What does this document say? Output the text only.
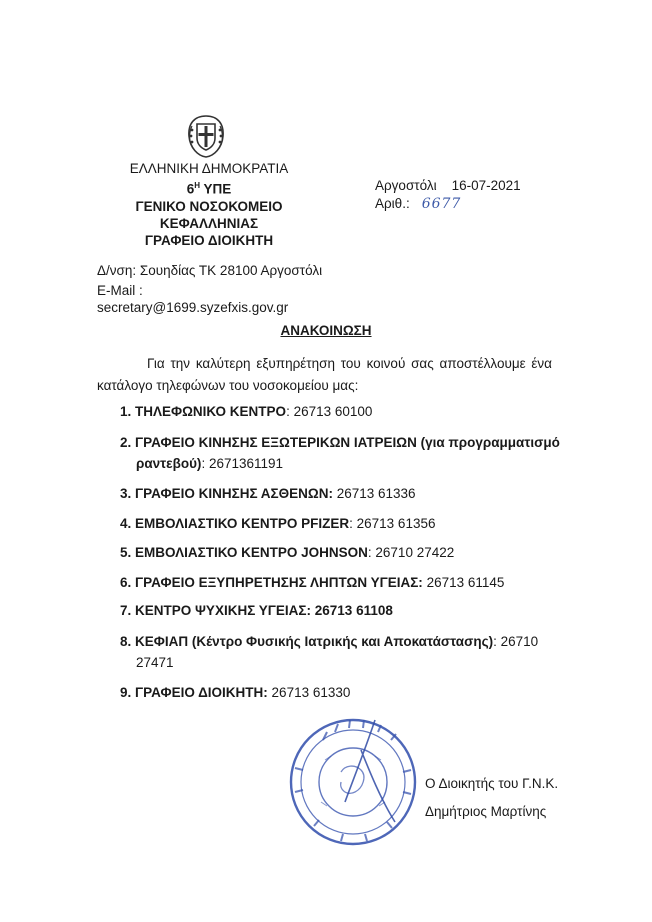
ΕΛΛΗΝΙΚΗ ΔΗΜΟΚΡΑΤΙΑ
$6^H$ ΥΠΕ
ΓΕΝΙΚΟ ΝΟΣΟΚΟΜΕΙΟ
ΚΕΦΑΛΛΗΝΙΑΣ
ΓΡΑΦΕΙΟ ΔΙΟΙΚΗΤΗ
Αργοστόλι 16-07-2021
Αριθ.: 6677
Δ/νση: Σουηδίας ΤΚ 28100 Αργοστόλι
E-Mail :
secretary@1699.syzefxis.gov.gr
ΑΝΑΚΟΙΝΩΣΗ
Για την καλύτερη εξυπηρέτηση του κοινού σας αποστέλλουμε ένα κατάλογο τηλεφώνων του νοσοκομείου μας:
1. ΤΗΛΕΦΩΝΙΚΟ ΚΕΝΤΡΟ: 26713 60100
2. ΓΡΑΦΕΙΟ ΚΙΝΗΣΗΣ ΕΞΩΤΕΡΙΚΩΝ ΙΑΤΡΕΙΩΝ (για προγραμματισμό
ραντεβού): 2671361191
3. ΓΡΑΦΕΙΟ ΚΙΝΗΣΗΣ ΑΣΘΕΝΩΝ: 26713 61336
4. ΕΜΒΟΛΙΑΣΤΙΚΟ ΚΕΝΤΡΟ PFIZER: 26713 61356
5. ΕΜΒΟΛΙΑΣΤΙΚΟ ΚΕΝΤΡΟ JOHNSON: 26710 27422
6. ΓΡΑΦΕΙΟ ΕΞΥΠΗΡΕΤΗΣΗΣ ΛΗΠΤΩΝ ΥΓΕΙΑΣ: 26713 61145
7. ΚΕΝΤΡΟ ΨΥΧΙΚΗΣ ΥΓΕΙΑΣ: 26713 61108
8. ΚΕΦΙΑΠ (Κέντρο Φυσικής Ιατρικής και Αποκατάστασης): 26710
27471
9. ΓΡΑΦΕΙΟ ΔΙΟΙΚΗΤΗ: 26713 61330
Ο Διοικητής του Γ.Ν.Κ.
Δημήτριος Μαρτίνης
